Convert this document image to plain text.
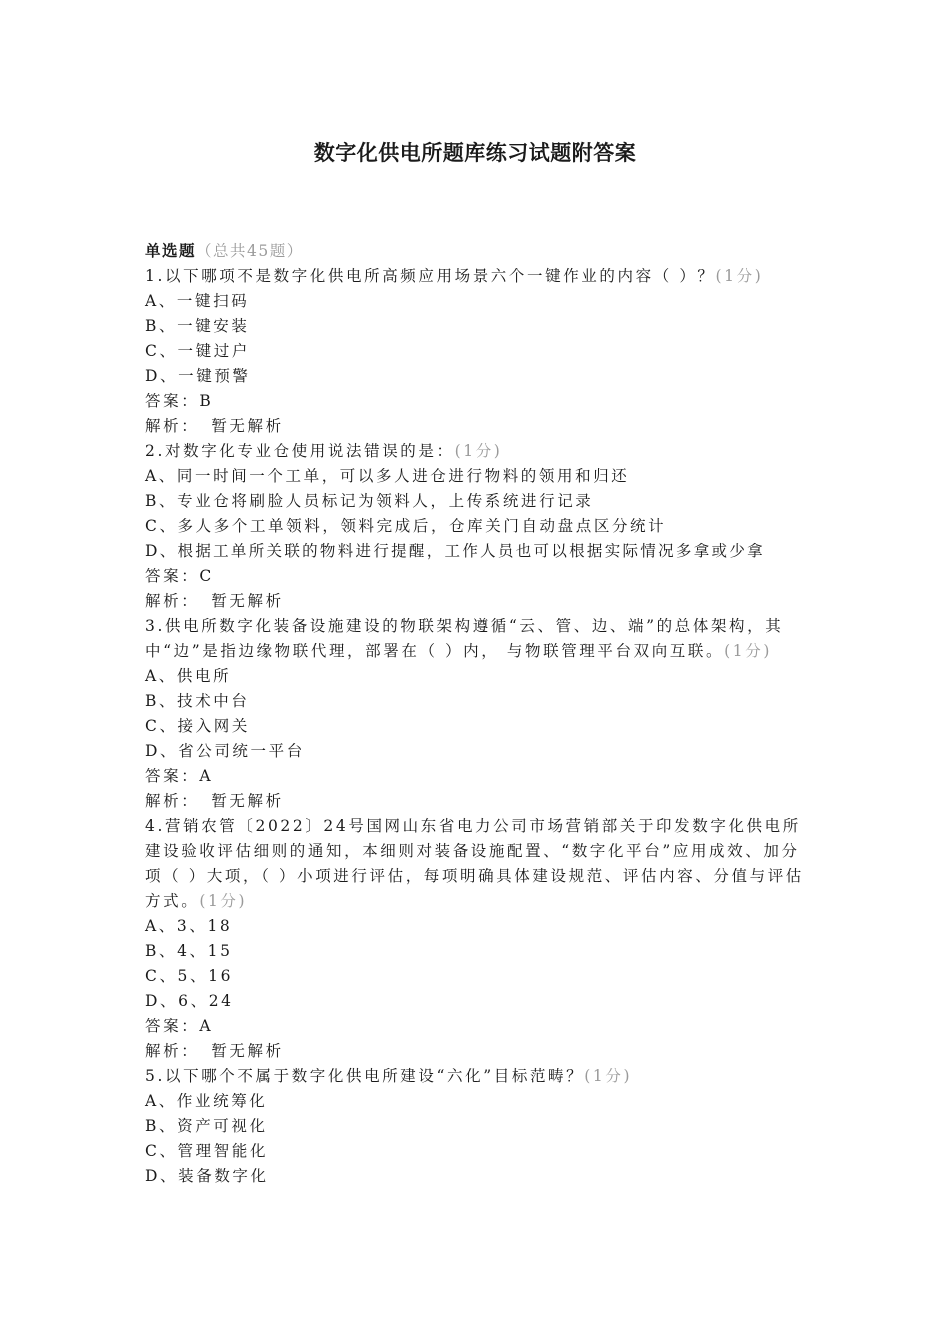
数字化供电所题库练习试题附答案
单选题（总共45题）
1.以下哪项不是数字化供电所高频应用场景六个一键作业的内容（ ）？(1分)
A、一键扫码
B、一键安装
C、一键过户
D、一键预警
答案：B
解析： 暂无解析
2.对数字化专业仓使用说法错误的是：(1分)
A、同一时间一个工单，可以多人进仓进行物料的领用和归还
B、专业仓将刷脸人员标记为领料人，上传系统进行记录
C、多人多个工单领料，领料完成后，仓库关门自动盘点区分统计
D、根据工单所关联的物料进行提醒，工作人员也可以根据实际情况多拿或少拿
答案：C
解析： 暂无解析
3.供电所数字化装备设施建设的物联架构遵循“云、管、边、端”的总体架构，其中“边”是指边缘物联代理，部署在（ ）内， 与物联管理平台双向互联。(1分)
A、供电所
B、技术中台
C、接入网关
D、省公司统一平台
答案：A
解析： 暂无解析
4.营销农管〔2022〕24号国网山东省电力公司市场营销部关于印发数字化供电所建设验收评估细则的通知，本细则对装备设施配置、“数字化平台”应用成效、加分项（ ）大项，（ ）小项进行评估，每项明确具体建设规范、评估内容、分值与评估方式。(1分)
A、3、18
B、4、15
C、5、16
D、6、24
答案：A
解析： 暂无解析
5.以下哪个不属于数字化供电所建设“六化”目标范畴？(1分)
A、作业统筹化
B、资产可视化
C、管理智能化
D、装备数字化
